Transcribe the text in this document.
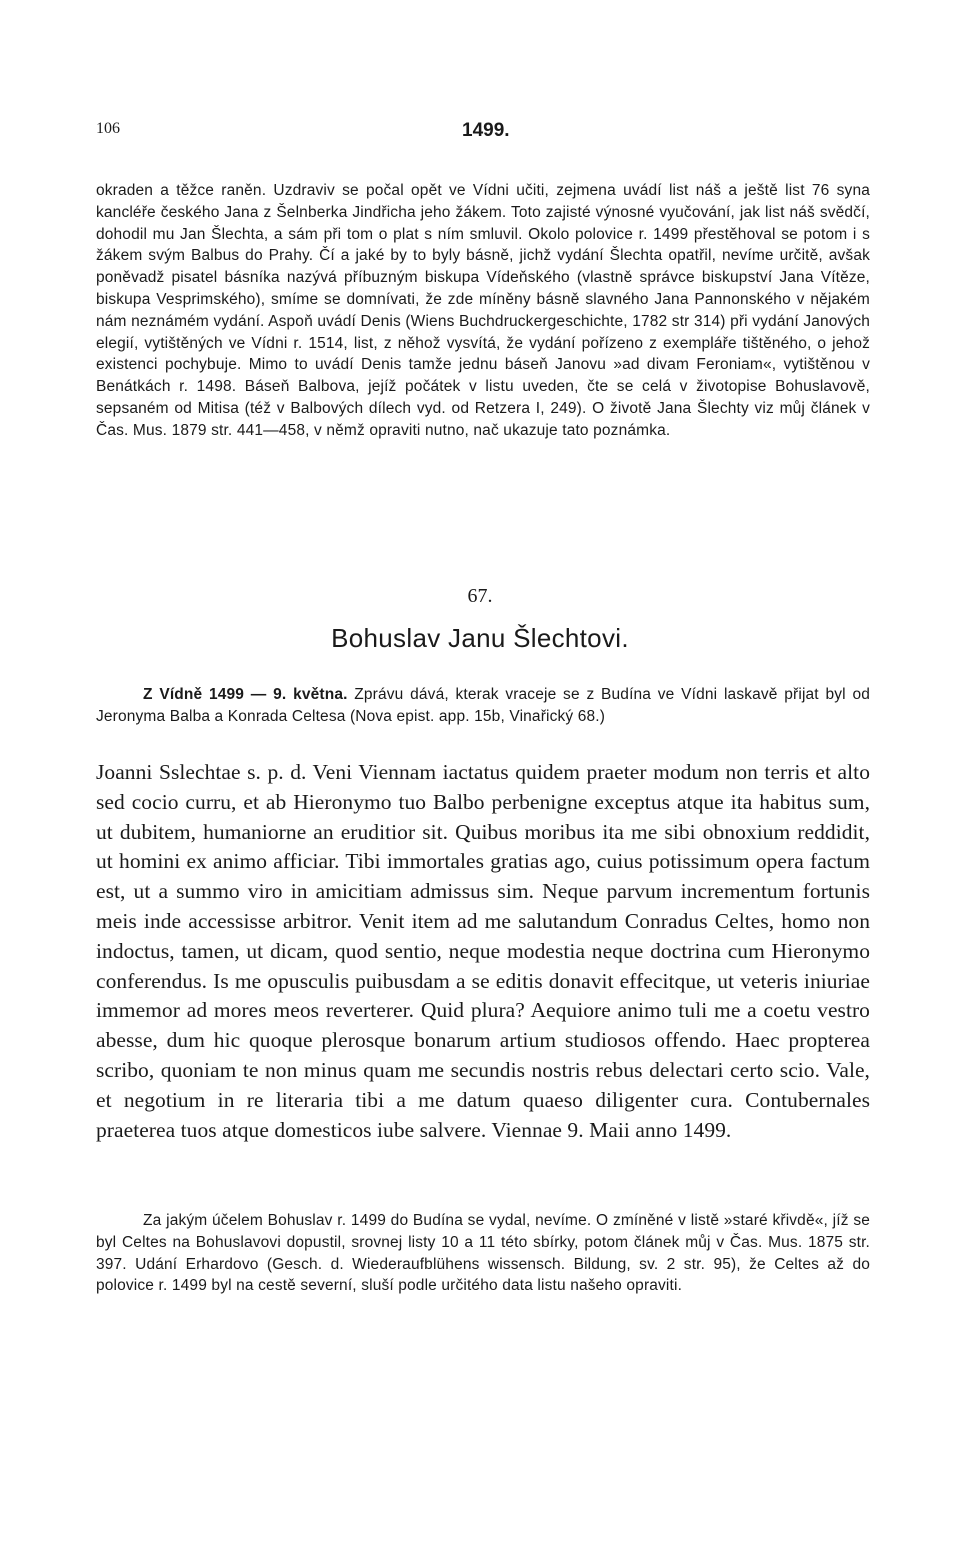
106	1499.

okraden a těžce raněn. Uzdraviv se počal opět ve Vídni učiti, zejmena uvádí list náš a ještě list 76 syna kancléře českého Jana z Šelnberka Jindřicha jeho žákem. Toto zajisté výnosné vyučování, jak list náš svědčí, dohodil mu Jan Šlechta, a sám při tom o plat s ním smluvil. Okolo polovice r. 1499 přestěhoval se potom i s žákem svým Balbus do Prahy. Čí a jaké by to byly básně, jichž vydání Šlechta opatřil, nevíme určitě, avšak poněvadž pisatel básníka nazývá příbuzným biskupa Vídeňského (vlastně správce biskupství Jana Vítěze, biskupa Vesprimského), smíme se domnívati, že zde míněny básně slavného Jana Pannonského v nějakém nám neznámém vydání. Aspoň uvádí Denis (Wiens Buchdruckergeschichte, 1782 str 314) při vydání Janových elegií, vytištěných ve Vídni r. 1514, list, z něhož vysvítá, že vydání pořízeno z exempláře tištěného, o jehož existenci pochybuje. Mimo to uvádí Denis tamže jednu báseň Janovu »ad divam Feroniam«, vytištěnou v Benátkách r. 1498. Báseň Balbova, jejíž počátek v listu uveden, čte se celá v životopise Bohuslavově, sepsaném od Mitisa (též v Balbových dílech vyd. od Retzera I, 249). O životě Jana Šlechty viz můj článek v Čas. Mus. 1879 str. 441—458, v němž opraviti nutno, nač ukazuje tato poznámka.

67.
Bohuslav Janu Šlechtovi.

Z Vídně 1499 — 9. května. Zprávu dává, kterak vraceje se z Budína ve Vídni laskavě přijat byl od Jeronyma Balba a Konrada Celtesa (Nova epist. app. 15b, Vinařický 68.)

Joanni Sslechtae s. p. d. Veni Viennam iactatus quidem praeter modum non terris et alto sed cocio curru, et ab Hieronymo tuo Balbo perbenigne exceptus atque ita habitus sum, ut dubitem, humaniorne an eruditior sit. Quibus moribus ita me sibi obnoxium reddidit, ut homini ex animo afficiar. Tibi immortales gratias ago, cuius potissimum opera factum est, ut a summo viro in amicitiam admissus sim. Neque parvum incrementum fortunis meis inde accessisse arbitror. Venit item ad me salutandum Conradus Celtes, homo non indoctus, tamen, ut dicam, quod sentio, neque modestia neque doctrina cum Hieronymo conferendus. Is me opusculis puibusdam a se editis donavit effecitque, ut veteris iniuriae immemor ad mores meos reverterer. Quid plura? Aequiore animo tuli me a coetu vestro abesse, dum hic quoque plerosque bonarum artium studiosos offendo. Haec propterea scribo, quoniam te non minus quam me secundis nostris rebus delectari certo scio. Vale, et negotium in re literaria tibi a me datum quaeso diligenter cura. Contubernales praeterea tuos atque domesticos iube salvere. Viennae 9. Maii anno 1499.

Za jakým účelem Bohuslav r. 1499 do Budína se vydal, nevíme. O zmíněné v listě »staré křivdě«, jíž se byl Celtes na Bohuslavovi dopustil, srovnej listy 10 a 11 této sbírky, potom článek můj v Čas. Mus. 1875 str. 397. Udání Erhardovo (Gesch. d. Wiederaufblühens wissensch. Bildung, sv. 2 str. 95), že Celtes až do polovice r. 1499 byl na cestě severní, sluší podle určitého data listu našeho opraviti.
